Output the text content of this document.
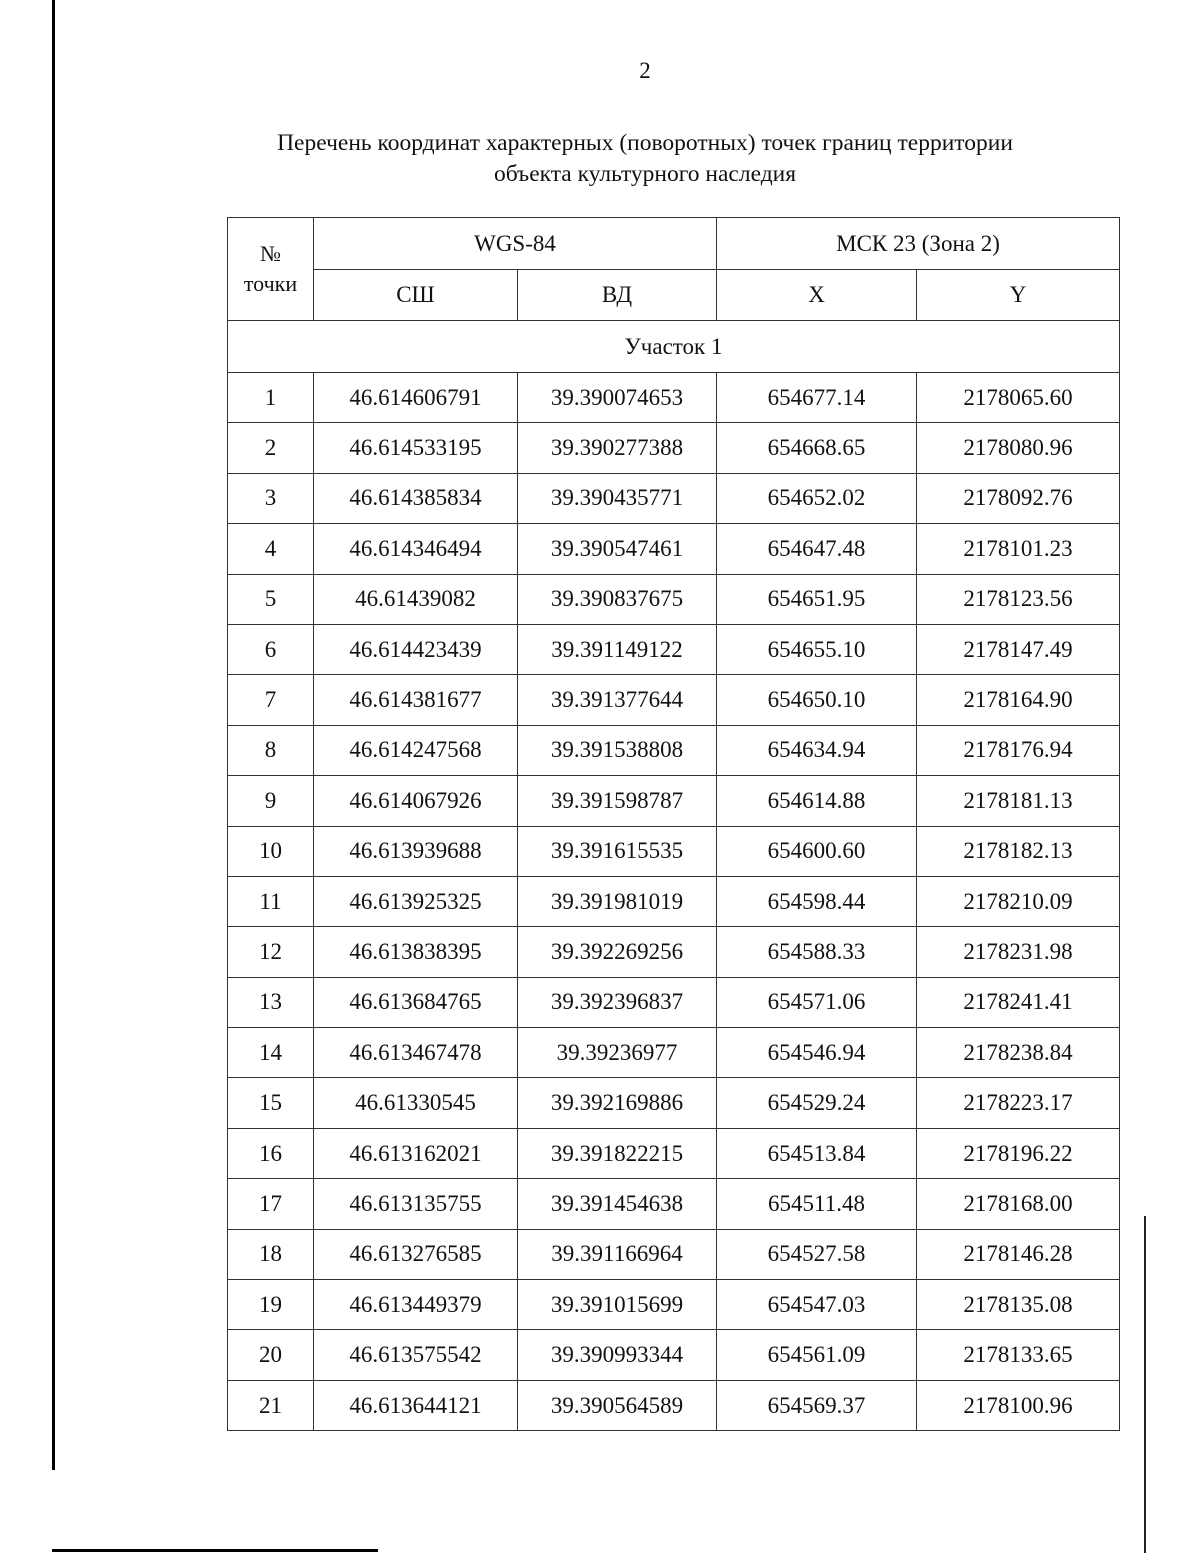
2
Перечень координат характерных (поворотных) точек границ территории
объекта культурного наследия
№
точки	WGS-84		МСК 23 (Зона 2)	
	СШ	ВД	X	Y
Участок 1				
1	46.614606791	39.390074653	654677.14	2178065.60
2	46.614533195	39.390277388	654668.65	2178080.96
3	46.614385834	39.390435771	654652.02	2178092.76
4	46.614346494	39.390547461	654647.48	2178101.23
5	46.61439082	39.390837675	654651.95	2178123.56
6	46.614423439	39.391149122	654655.10	2178147.49
7	46.614381677	39.391377644	654650.10	2178164.90
8	46.614247568	39.391538808	654634.94	2178176.94
9	46.614067926	39.391598787	654614.88	2178181.13
10	46.613939688	39.391615535	654600.60	2178182.13
11	46.613925325	39.391981019	654598.44	2178210.09
12	46.613838395	39.392269256	654588.33	2178231.98
13	46.613684765	39.392396837	654571.06	2178241.41
14	46.613467478	39.39236977	654546.94	2178238.84
15	46.61330545	39.392169886	654529.24	2178223.17
16	46.613162021	39.391822215	654513.84	2178196.22
17	46.613135755	39.391454638	654511.48	2178168.00
18	46.613276585	39.391166964	654527.58	2178146.28
19	46.613449379	39.391015699	654547.03	2178135.08
20	46.613575542	39.390993344	654561.09	2178133.65
21	46.613644121	39.390564589	654569.37	2178100.96
